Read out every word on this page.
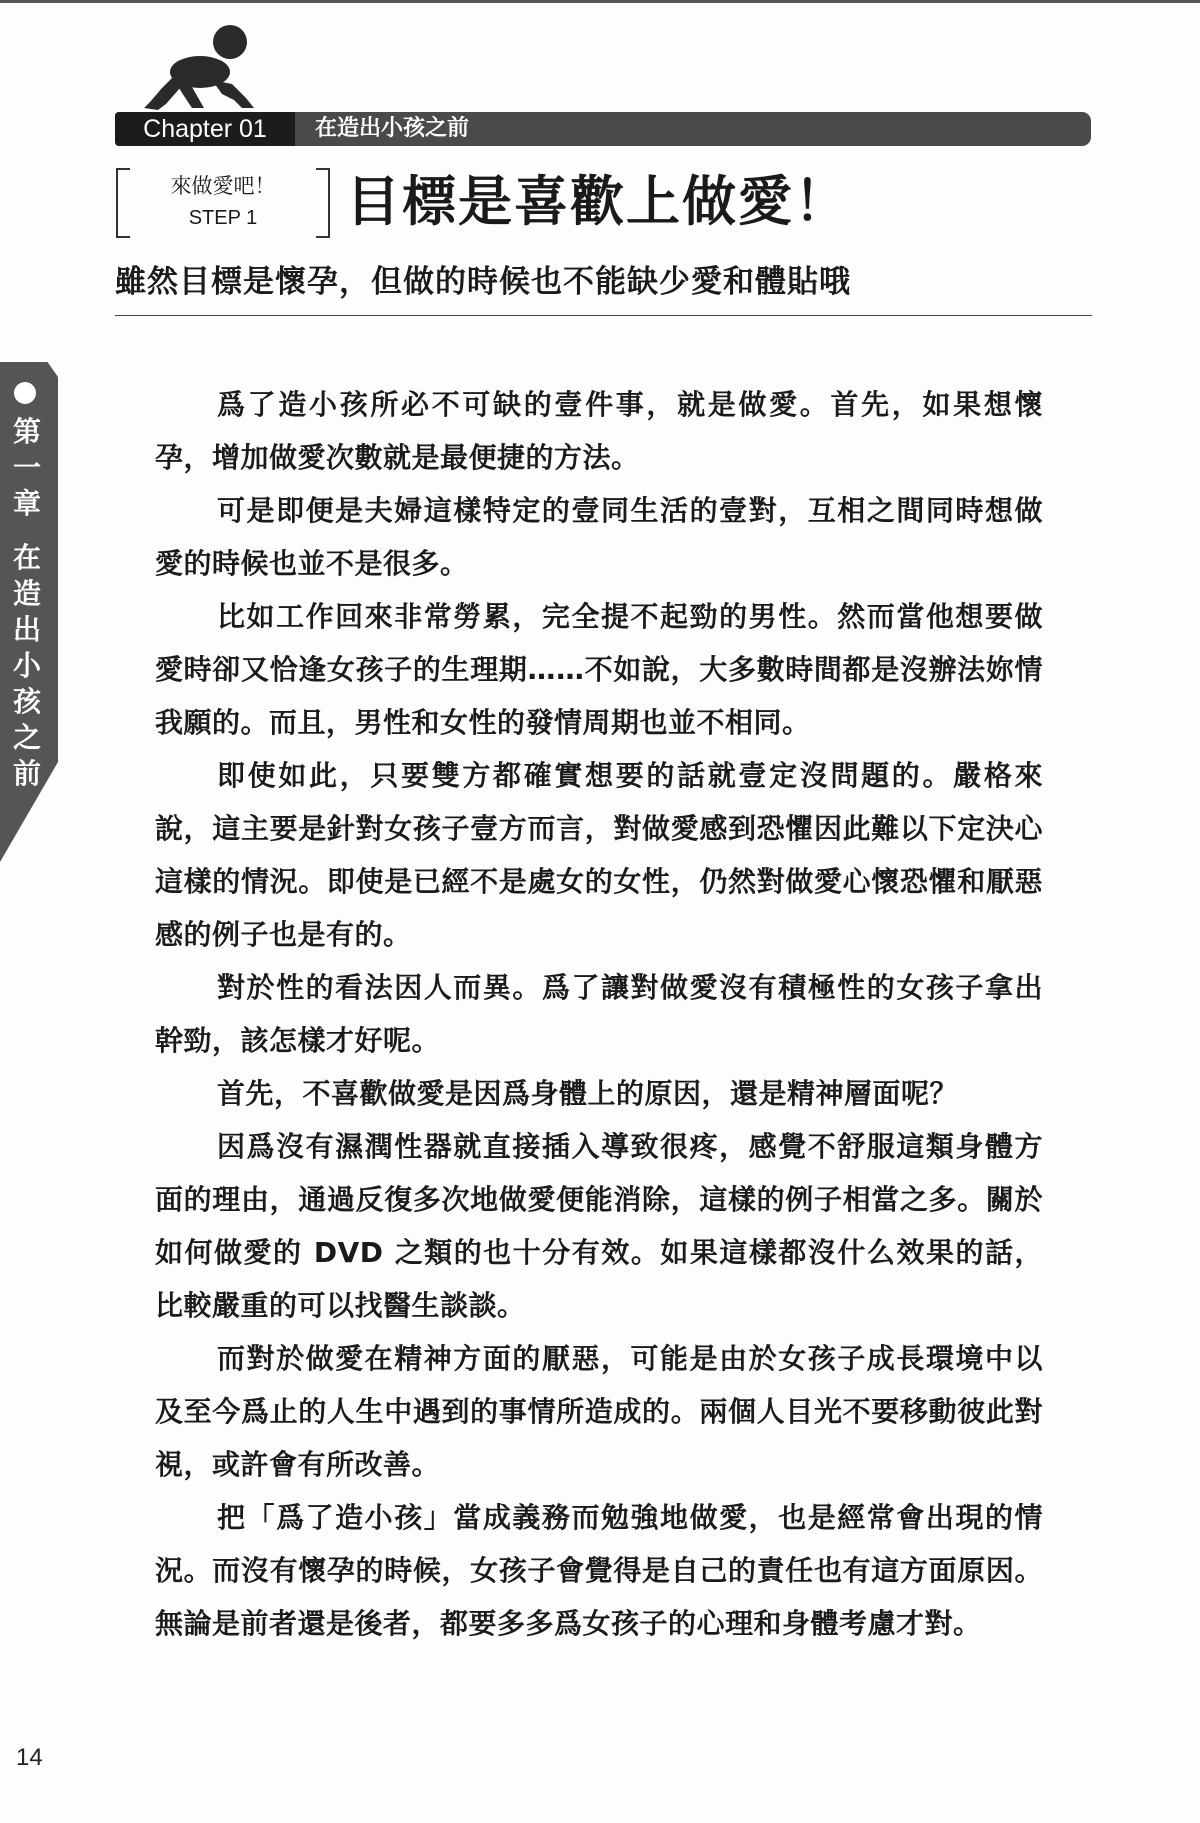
Chapter 01	在造出小孩之前
來做愛吧！
STEP 1	目標是喜歡上做愛！
雖然目標是懷孕，但做的時候也不能缺少愛和體貼哦
第
一
章
在
造
出
小
孩
之
前

爲了造小孩所必不可缺的壹件事，就是做愛。首先，如果想懷孕，增加做愛次數就是最便捷的方法。

可是即便是夫婦這樣特定的壹同生活的壹對，互相之間同時想做愛的時候也並不是很多。

比如工作回來非常勞累，完全提不起勁的男性。然而當他想要做愛時卻又恰逢女孩子的生理期……不如說，大多數時間都是沒辦法妳情我願的。而且，男性和女性的發情周期也並不相同。

即使如此，只要雙方都確實想要的話就壹定沒問題的。嚴格來說，這主要是針對女孩子壹方而言，對做愛感到恐懼因此難以下定決心這樣的情況。即使是已經不是處女的女性，仍然對做愛心懷恐懼和厭惡感的例子也是有的。

對於性的看法因人而異。爲了讓對做愛沒有積極性的女孩子拿出幹勁，該怎樣才好呢。

首先，不喜歡做愛是因爲身體上的原因，還是精神層面呢？

因爲沒有濕潤性器就直接插入導致很疼，感覺不舒服這類身體方面的理由，通過反復多次地做愛便能消除，這樣的例子相當之多。關於如何做愛的 DVD 之類的也十分有效。如果這樣都沒什么效果的話，比較嚴重的可以找醫生談談。

而對於做愛在精神方面的厭惡，可能是由於女孩子成長環境中以及至今爲止的人生中遇到的事情所造成的。兩個人目光不要移動彼此對視，或許會有所改善。

把「爲了造小孩」當成義務而勉強地做愛，也是經常會出現的情況。而沒有懷孕的時候，女孩子會覺得是自己的責任也有這方面原因。無論是前者還是後者，都要多多爲女孩子的心理和身體考慮才對。

14
